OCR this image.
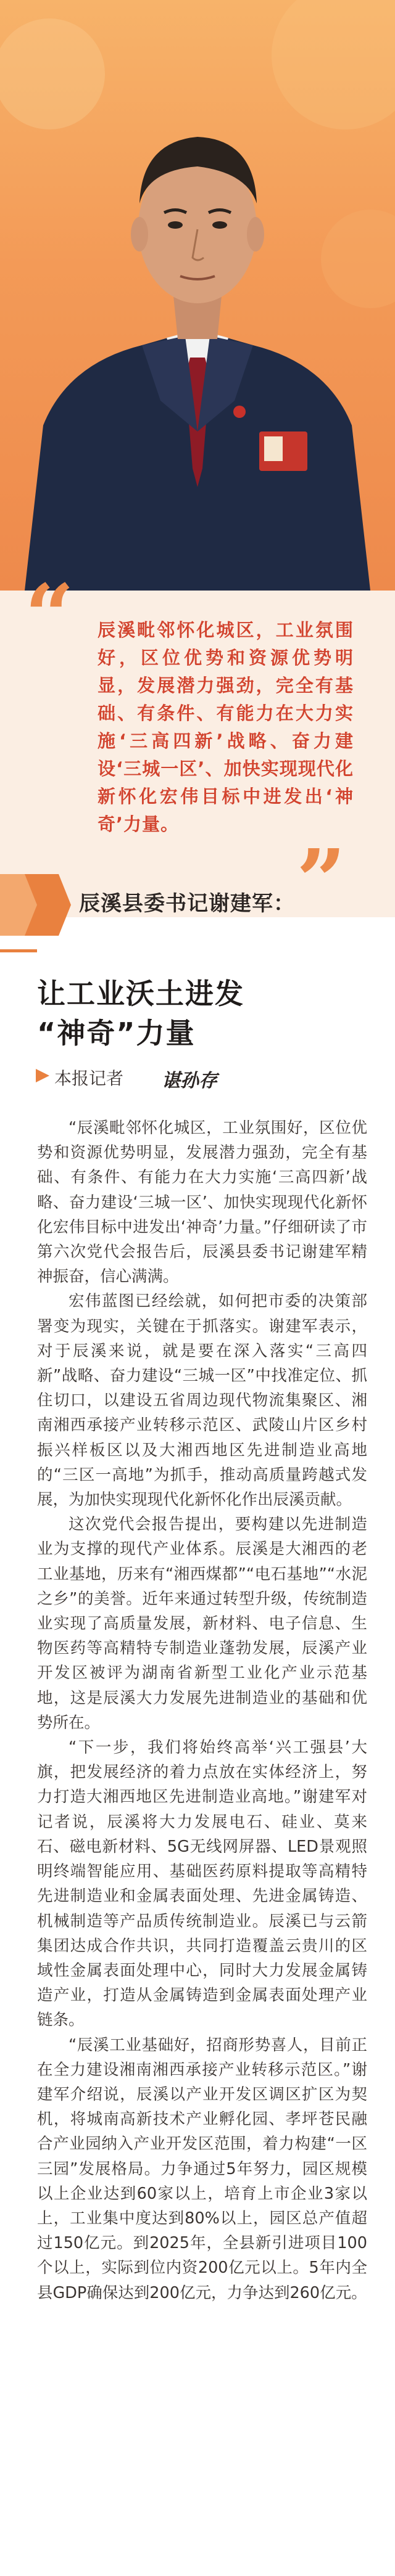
“ 辰溪毗邻怀化城区，工业氛围好，区位优势和资源优势明显，发展潜力强劲，完全有基础、有条件、有能力在大力实施‘三高四新’战略、奋力建设‘三城一区’、加快实现现代化新怀化宏伟目标中进发出‘神奇’力量。
”
辰溪县委书记谢建军：
让工业沃土进发
“神奇”力量
本报记者 谌孙存

“辰溪毗邻怀化城区，工业氛围好，区位优势和资源优势明显，发展潜力强劲，完全有基础、有条件、有能力在大力实施‘三高四新’战略、奋力建设‘三城一区’、加快实现现代化新怀化宏伟目标中进发出‘神奇’力量。”仔细研读了市第六次党代会报告后，辰溪县委书记谢建军精神振奋，信心满满。

宏伟蓝图已经绘就，如何把市委的决策部署变为现实，关键在于抓落实。谢建军表示，对于辰溪来说，就是要在深入落实“三高四新”战略、奋力建设“三城一区”中找准定位、抓住切口，以建设五省周边现代物流集聚区、湘南湘西承接产业转移示范区、武陵山片区乡村振兴样板区以及大湘西地区先进制造业高地的“三区一高地”为抓手，推动高质量跨越式发展，为加快实现现代化新怀化作出辰溪贡献。

这次党代会报告提出，要构建以先进制造业为支撑的现代产业体系。辰溪是大湘西的老工业基地，历来有“湘西煤都”“电石基地”“水泥之乡”的美誉。近年来通过转型升级，传统制造业实现了高质量发展，新材料、电子信息、生物医药等高精特专制造业蓬勃发展，辰溪产业开发区被评为湖南省新型工业化产业示范基地，这是辰溪大力发展先进制造业的基础和优势所在。

“下一步，我们将始终高举‘兴工强县’大旗，把发展经济的着力点放在实体经济上，努力打造大湘西地区先进制造业高地。”谢建军对记者说，辰溪将大力发展电石、硅业、莫来石、磁电新材料、5G无线网屏器、LED景观照明终端智能应用、基础医药原料提取等高精特先进制造业和金属表面处理、先进金属铸造、机械制造等产品质传统制造业。辰溪已与云箭集团达成合作共识，共同打造覆盖云贵川的区域性金属表面处理中心，同时大力发展金属铸造产业，打造从金属铸造到金属表面处理产业链条。

“辰溪工业基础好，招商形势喜人，目前正在全力建设湘南湘西承接产业转移示范区。”谢建军介绍说，辰溪以产业开发区调区扩区为契机，将城南高新技术产业孵化园、孝坪苍民融合产业园纳入产业开发区范围，着力构建“一区三园”发展格局。力争通过5年努力，园区规模以上企业达到60家以上，培育上市企业3家以上，工业集中度达到80%以上，园区总产值超过150亿元。到2025年，全县新引进项目100个以上，实际到位内资200亿元以上。5年内全县GDP确保达到200亿元，力争达到260亿元。
